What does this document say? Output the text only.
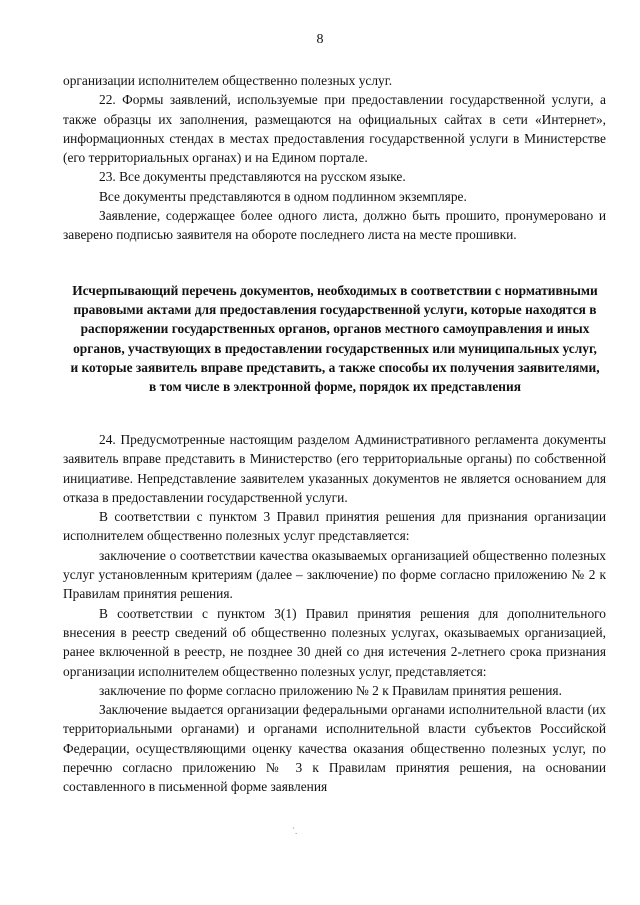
8

организации исполнителем общественно полезных услуг.

22. Формы заявлений, используемые при предоставлении государственной услуги, а также образцы их заполнения, размещаются на официальных сайтах в сети «Интернет», информационных стендах в местах предоставления государственной услуги в Министерстве (его территориальных органах) и на Едином портале.

23. Все документы представляются на русском языке.

Все документы представляются в одном подлинном экземпляре.

Заявление, содержащее более одного листа, должно быть прошито, пронумеровано и заверено подписью заявителя на обороте последнего листа на месте прошивки.

Исчерпывающий перечень документов, необходимых в соответствии с нормативными правовыми актами для предоставления государственной услуги, которые находятся в распоряжении государственных органов, органов местного самоуправления и иных органов, участвующих в предоставлении государственных или муниципальных услуг, и которые заявитель вправе представить, а также способы их получения заявителями, в том числе в электронной форме, порядок их представления

24. Предусмотренные настоящим разделом Административного регламента документы заявитель вправе представить в Министерство (его территориальные органы) по собственной инициативе. Непредставление заявителем указанных документов не является основанием для отказа в предоставлении государственной услуги.

В соответствии с пунктом 3 Правил принятия решения для признания организации исполнителем общественно полезных услуг представляется:

заключение о соответствии качества оказываемых организацией общественно полезных услуг установленным критериям (далее – заключение) по форме согласно приложению № 2 к Правилам принятия решения.

В соответствии с пунктом 3(1) Правил принятия решения для дополнительного внесения в реестр сведений об общественно полезных услугах, оказываемых организацией, ранее включенной в реестр, не позднее 30 дней со дня истечения 2-летнего срока признания организации исполнителем общественно полезных услуг, представляется:

заключение по форме согласно приложению № 2 к Правилам принятия решения.

Заключение выдается организации федеральными органами исполнительной власти (их территориальными органами) и органами исполнительной власти субъектов Российской Федерации, осуществляющими оценку качества оказания общественно полезных услуг, по перечню согласно приложению № 3 к Правилам принятия решения, на основании составленного в письменной форме заявления

`.
